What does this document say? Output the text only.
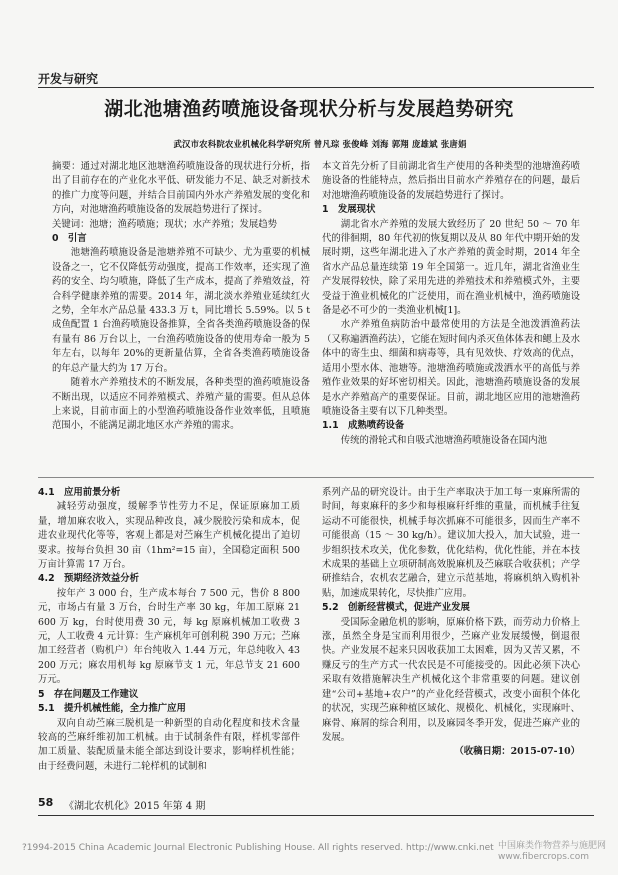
开发与研究
湖北池塘渔药喷施设备现状分析与发展趋势研究
武汉市农科院农业机械化科学研究所 曾凡琮 张俊峰 刘海 郭翔 庞雄斌 张唐娟

摘要：通过对湖北地区池塘渔药喷施设备的现状进行分析，指出了目前存在的产业化水平低、研发能力不足、缺乏对新技术的推广力度等问题，并结合目前国内外水产养殖发展的变化和方向，对池塘渔药喷施设备的发展趋势进行了探讨。

关键词：池塘；渔药喷施；现状；水产养殖；发展趋势

0　引言

池塘渔药喷施设备是池塘养殖不可缺少、尤为重要的机械设备之一，它不仅降低劳动强度，提高工作效率，还实现了渔药的安全、均匀喷施，降低了生产成本，提高了养殖效益，符合科学健康养殖的需要。2014 年，湖北淡水养殖业延续红火之势，全年水产品总量 433.3 万 t，同比增长 5.59%。以 5 t 成鱼配置 1 台渔药喷施设备推算，全省各类渔药喷施设备的保有量有 86 万台以上，一台渔药喷施设备的使用寿命一般为 5 年左右，以每年 20%的更新量估算，全省各类渔药喷施设备的年总产量大约为 17 万台。

随着水产养殖技术的不断发展，各种类型的渔药喷施设备不断出现，以适应不同养殖模式、养殖产量的需要。但从总体上来说，目前市面上的小型渔药喷施设备作业效率低，且喷施范围小，不能满足湖北地区水产养殖的需求。

本文首先分析了目前湖北省生产使用的各种类型的池塘渔药喷施设备的性能特点，然后指出目前水产养殖存在的问题，最后对池塘渔药喷施设备的发展趋势进行了探讨。

1　发展现状

湖北省水产养殖的发展大致经历了 20 世纪 50 ～ 70 年代的徘徊期，80 年代初的恢复期以及从 80 年代中期开始的发展时期，这些年湖北进入了水产养殖的黄金时期，2014 年全省水产品总量连续第 19 年全国第一。近几年，湖北省渔业生产发展得较快，除了采用先进的养殖技术和养殖模式外，主要受益于渔业机械化的广泛使用，而在渔业机械中，渔药喷施设备是必不可少的一类渔业机械[1]。

水产养殖鱼病防治中最常使用的方法是全池泼洒渔药法（又称遍洒渔药法），它能在短时间内杀灭鱼体体表和鳃上及水体中的寄生虫、细菌和病毒等，具有见效快、疗效高的优点，适用小型水体、池塘等。池塘渔药喷施或泼洒水平的高低与养殖作业效果的好坏密切相关。因此，池塘渔药喷施设备的发展是水产养殖高产的重要保证。目前，湖北地区应用的池塘渔药喷施设备主要有以下几种类型。

1.1　成熟喷药设备

传统的滑轮式和自吸式池塘渔药喷施设备在国内池

4.1　应用前景分析

减轻劳动强度，缓解季节性劳力不足，保证原麻加工质量，增加麻农收入，实现品种改良，减少脱胶污染和成本，促进农业现代化等等，客观上都是对苎麻生产机械化提出了迫切要求。按每台负担 30 亩（1hm²=15 亩），全国稳定面积 500 万亩计算需 17 万台。

4.2　预期经济效益分析

按年产 3 000 台，生产成本每台 7 500 元，售价 8 800 元，市场占有量 3 万台，台时生产率 30 kg，年加工原麻 21 600 万 kg，台时使用费 30 元，每 kg 原麻机械加工收费 3 元，人工收费 4 元计算：生产麻机年可创利税 390 万元；苎麻加工经营者（购机户）年台纯收入 1.44 万元，年总纯收入 43 200 万元；麻农用机每 kg 原麻节支 1 元，年总节支 21 600 万元。

5　存在问题及工作建议
5.1　提升机械性能，全力推广应用

双向自动苎麻三脱机是一种新型的自动化程度和技术含量较高的苎麻纤维初加工机械。由于试制条件有限，样机零部件加工质量、装配质量未能全部达到设计要求，影响样机性能；由于经费问题，未进行二轮样机的试制和

系列产品的研究设计。由于生产率取决于加工每一束麻所需的时间，每束麻秆的多少和每根麻秆纤维的重量，而机械手往复运动不可能很快，机械手每次抓麻不可能很多，因而生产率不可能很高（15 ～ 30 kg/h）。建议加大投入，加大试验，进一步组织技术攻关，优化参数，优化结构，优化性能，并在本技术成果的基础上立项研制高效脱麻机及苎麻联合收获机；产学研推结合，农机农艺融合，建立示范基地，将麻机纳入购机补贴，加速成果转化，尽快推广应用。

5.2　创新经营模式，促进产业发展

受国际金融危机的影响，原麻价格下跌，而劳动力价格上涨，虽然全身是宝而利用很少，苎麻产业发展缓慢，倒退很快。产业发展不起来只因收获加工太困难，因为又苦又累，不赚反亏的生产方式一代农民是不可能接受的。因此必须下决心采取有效措施解决生产机械化这个非常重要的问题。建议创建“公司+基地+农户”的产业化经营模式，改变小面积个体化的状况，实现苎麻种植区域化、规模化、机械化，实现麻叶、麻骨、麻屑的综合利用，以及麻园冬季开发，促进苎麻产业的发展。

（收稿日期：2015-07-10）
58 《湖北农机化》2015 年第 4 期
?1994-2015 China Academic Journal Electronic Publishing House. All rights reserved. http://www.cnki.net 中国麻类作物营养与施肥网
www.fibercrops.com
